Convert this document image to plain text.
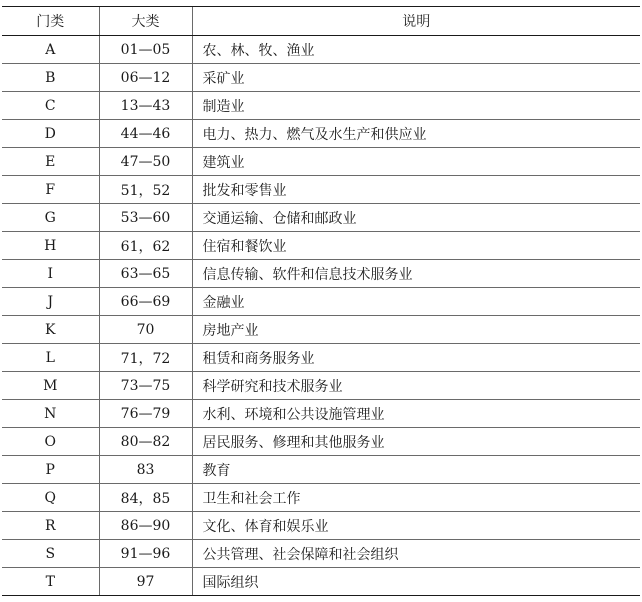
门类	大类	说明
A	01—05	农、林、牧、渔业
B	06—12	采矿业
C	13—43	制造业
D	44—46	电力、热力、燃气及水生产和供应业
E	47—50	建筑业
F	51，52	批发和零售业
G	53—60	交通运输、仓储和邮政业
H	61，62	住宿和餐饮业
I	63—65	信息传输、软件和信息技术服务业
J	66—69	金融业
K	70	房地产业
L	71，72	租赁和商务服务业
M	73—75	科学研究和技术服务业
N	76—79	水利、环境和公共设施管理业
O	80—82	居民服务、修理和其他服务业
P	83	教育
Q	84，85	卫生和社会工作
R	86—90	文化、体育和娱乐业
S	91—96	公共管理、社会保障和社会组织
T	97	国际组织
